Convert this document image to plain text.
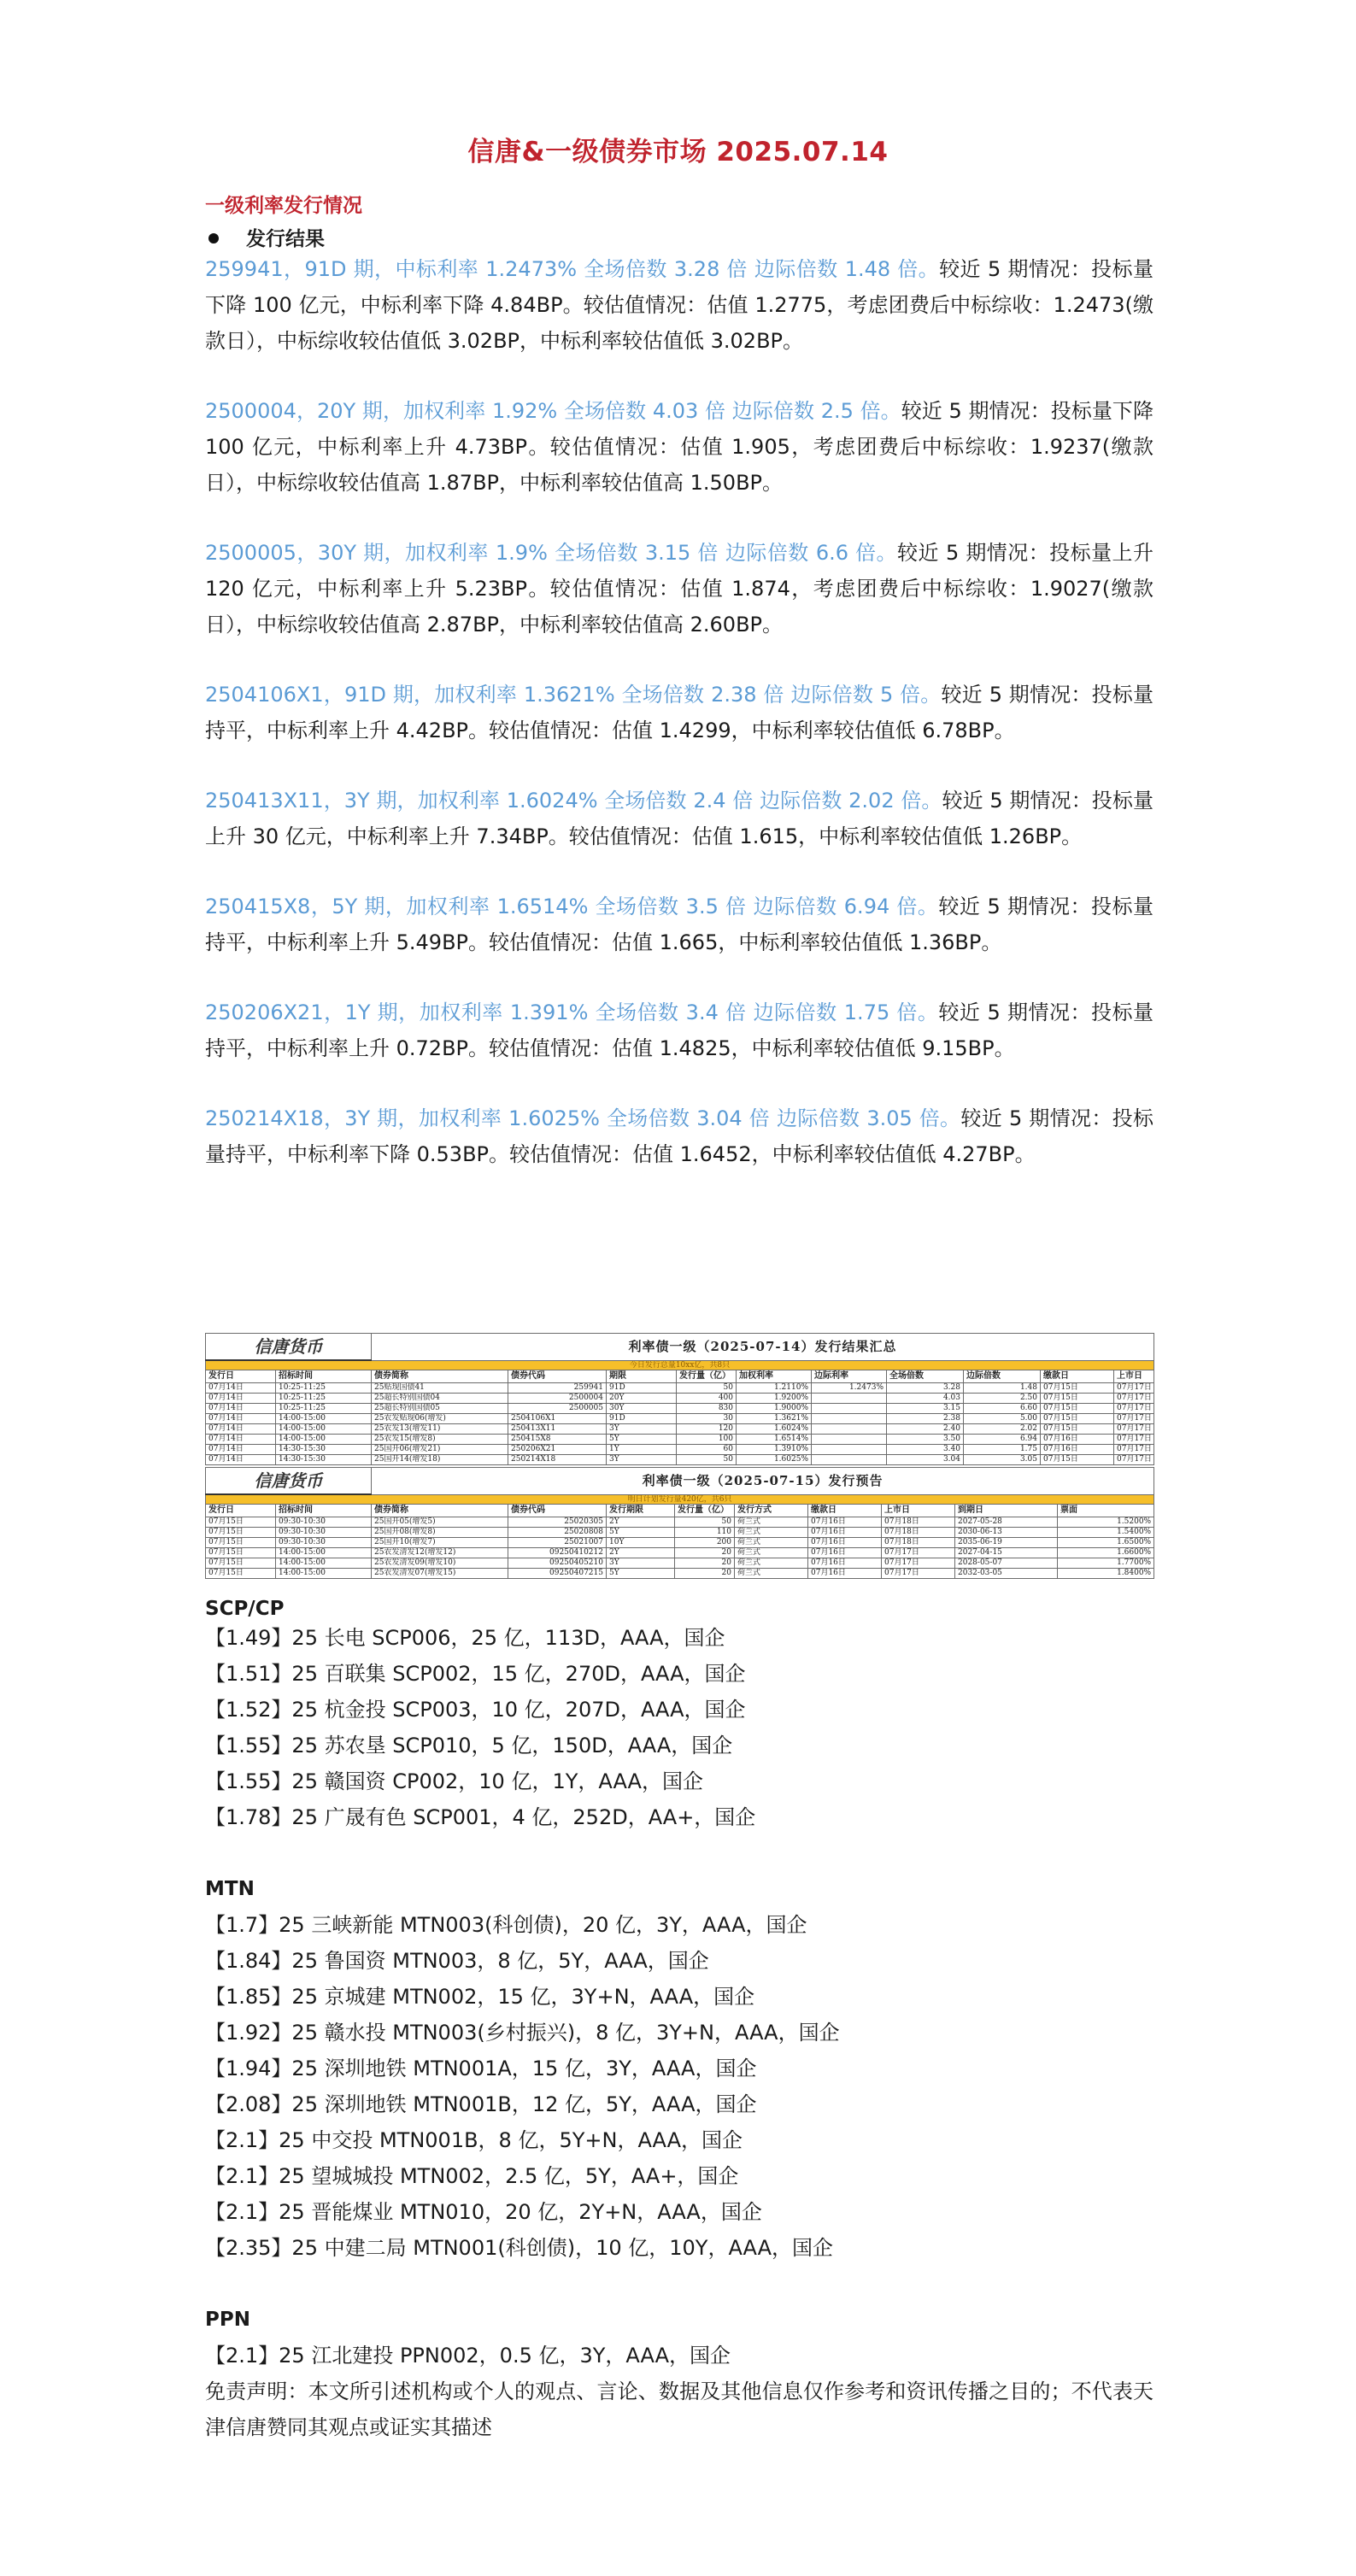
信唐&一级债券市场 2025.07.14
一级利率发行情况
发行结果
259941，91D 期，中标利率 1.2473% 全场倍数 3.28 倍 边际倍数 1.48 倍。较近 5 期情况：投标量下降 100 亿元，中标利率下降 4.84BP。较估值情况：估值 1.2775，考虑团费后中标综收：1.2473(缴款日），中标综收较估值低 3.02BP，中标利率较估值低 3.02BP。
2500004，20Y 期，加权利率 1.92% 全场倍数 4.03 倍 边际倍数 2.5 倍。较近 5 期情况：投标量下降 100 亿元，中标利率上升 4.73BP。较估值情况：估值 1.905，考虑团费后中标综收：1.9237(缴款日），中标综收较估值高 1.87BP，中标利率较估值高 1.50BP。
2500005，30Y 期，加权利率 1.9% 全场倍数 3.15 倍 边际倍数 6.6 倍。较近 5 期情况：投标量上升 120 亿元，中标利率上升 5.23BP。较估值情况：估值 1.874，考虑团费后中标综收：1.9027(缴款日），中标综收较估值高 2.87BP，中标利率较估值高 2.60BP。
2504106X1，91D 期，加权利率 1.3621% 全场倍数 2.38 倍 边际倍数 5 倍。较近 5 期情况：投标量持平，中标利率上升 4.42BP。较估值情况：估值 1.4299，中标利率较估值低 6.78BP。
250413X11，3Y 期，加权利率 1.6024% 全场倍数 2.4 倍 边际倍数 2.02 倍。较近 5 期情况：投标量上升 30 亿元，中标利率上升 7.34BP。较估值情况：估值 1.615，中标利率较估值低 1.26BP。
250415X8，5Y 期，加权利率 1.6514% 全场倍数 3.5 倍 边际倍数 6.94 倍。较近 5 期情况：投标量持平，中标利率上升 5.49BP。较估值情况：估值 1.665，中标利率较估值低 1.36BP。
250206X21，1Y 期，加权利率 1.391% 全场倍数 3.4 倍 边际倍数 1.75 倍。较近 5 期情况：投标量持平，中标利率上升 0.72BP。较估值情况：估值 1.4825，中标利率较估值低 9.15BP。
250214X18，3Y 期，加权利率 1.6025% 全场倍数 3.04 倍 边际倍数 3.05 倍。较近 5 期情况：投标量持平，中标利率下降 0.53BP。较估值情况：估值 1.6452，中标利率较估值低 4.27BP。
信唐货币		利率债一级（2025-07-14）发行结果汇总									
今日发行总量10xx亿，共8只											
发行日	招标时间	债券简称	债券代码	期限	发行量（亿）	加权利率	边际利率	全场倍数	边际倍数	缴款日	上市日
07月14日	10:25-11:25	25贴现国债41	259941	91D	50	1.2110%	1.2473%	3.28	1.48	07月15日	07月17日
07月14日	10:25-11:25	25超长特别国债04	2500004	20Y	400	1.9200%		4.03	2.50	07月15日	07月17日
07月14日	10:25-11:25	25超长特别国债05	2500005	30Y	830	1.9000%		3.15	6.60	07月15日	07月17日
07月14日	14:00-15:00	25农发贴现06(增发)	2504106X1	91D	30	1.3621%		2.38	5.00	07月15日	07月17日
07月14日	14:00-15:00	25农发13(增发11)	250413X11	3Y	120	1.6024%		2.40	2.02	07月15日	07月17日
07月14日	14:00-15:00	25农发15(增发8)	250415X8	5Y	100	1.6514%		3.50	6.94	07月16日	07月17日
07月14日	14:30-15:30	25国开06(增发21)	250206X21	1Y	60	1.3910%		3.40	1.75	07月16日	07月17日
07月14日	14:30-15:30	25国开14(增发18)	250214X18	3Y	50	1.6025%		3.04	3.05	07月15日	07月17日
信唐货币		利率债一级（2025-07-15）发行预告								
明日计划发行量420亿，共6只										
发行日	招标时间	债券简称	债券代码	发行期限	发行量（亿）	发行方式	缴款日	上市日	到期日	票面
07月15日	09:30-10:30	25国开05(增发5)	25020305	2Y	50	荷兰式	07月16日	07月18日	2027-05-28	1.5200%
07月15日	09:30-10:30	25国开08(增发8)	25020808	5Y	110	荷兰式	07月16日	07月18日	2030-06-13	1.5400%
07月15日	09:30-10:30	25国开10(增发7)	25021007	10Y	200	荷兰式	07月16日	07月18日	2035-06-19	1.6500%
07月15日	14:00-15:00	25农发清发12(增发12)	09250410212	2Y	20	荷兰式	07月16日	07月17日	2027-04-15	1.6600%
07月15日	14:00-15:00	25农发清发09(增发10)	09250405210	3Y	20	荷兰式	07月16日	07月17日	2028-05-07	1.7700%
07月15日	14:00-15:00	25农发清发07(增发15)	09250407215	5Y	20	荷兰式	07月16日	07月17日	2032-03-05	1.8400%
SCP/CP
【1.49】25 长电 SCP006，25 亿，113D，AAA，国企
【1.51】25 百联集 SCP002，15 亿，270D，AAA，国企
【1.52】25 杭金投 SCP003，10 亿，207D，AAA，国企
【1.55】25 苏农垦 SCP010，5 亿，150D，AAA，国企
【1.55】25 赣国资 CP002，10 亿，1Y，AAA，国企
【1.78】25 广晟有色 SCP001，4 亿，252D，AA+，国企
MTN
【1.7】25 三峡新能 MTN003(科创债)，20 亿，3Y，AAA，国企
【1.84】25 鲁国资 MTN003，8 亿，5Y，AAA，国企
【1.85】25 京城建 MTN002，15 亿，3Y+N，AAA，国企
【1.92】25 赣水投 MTN003(乡村振兴)，8 亿，3Y+N，AAA，国企
【1.94】25 深圳地铁 MTN001A，15 亿，3Y，AAA，国企
【2.08】25 深圳地铁 MTN001B，12 亿，5Y，AAA，国企
【2.1】25 中交投 MTN001B，8 亿，5Y+N，AAA，国企
【2.1】25 望城城投 MTN002，2.5 亿，5Y，AA+，国企
【2.1】25 晋能煤业 MTN010，20 亿，2Y+N，AAA，国企
【2.35】25 中建二局 MTN001(科创债)，10 亿，10Y，AAA，国企
PPN
【2.1】25 江北建投 PPN002，0.5 亿，3Y，AAA，国企
免责声明：本文所引述机构或个人的观点、言论、数据及其他信息仅作参考和资讯传播之目的；不代表天津信唐赞同其观点或证实其描述
